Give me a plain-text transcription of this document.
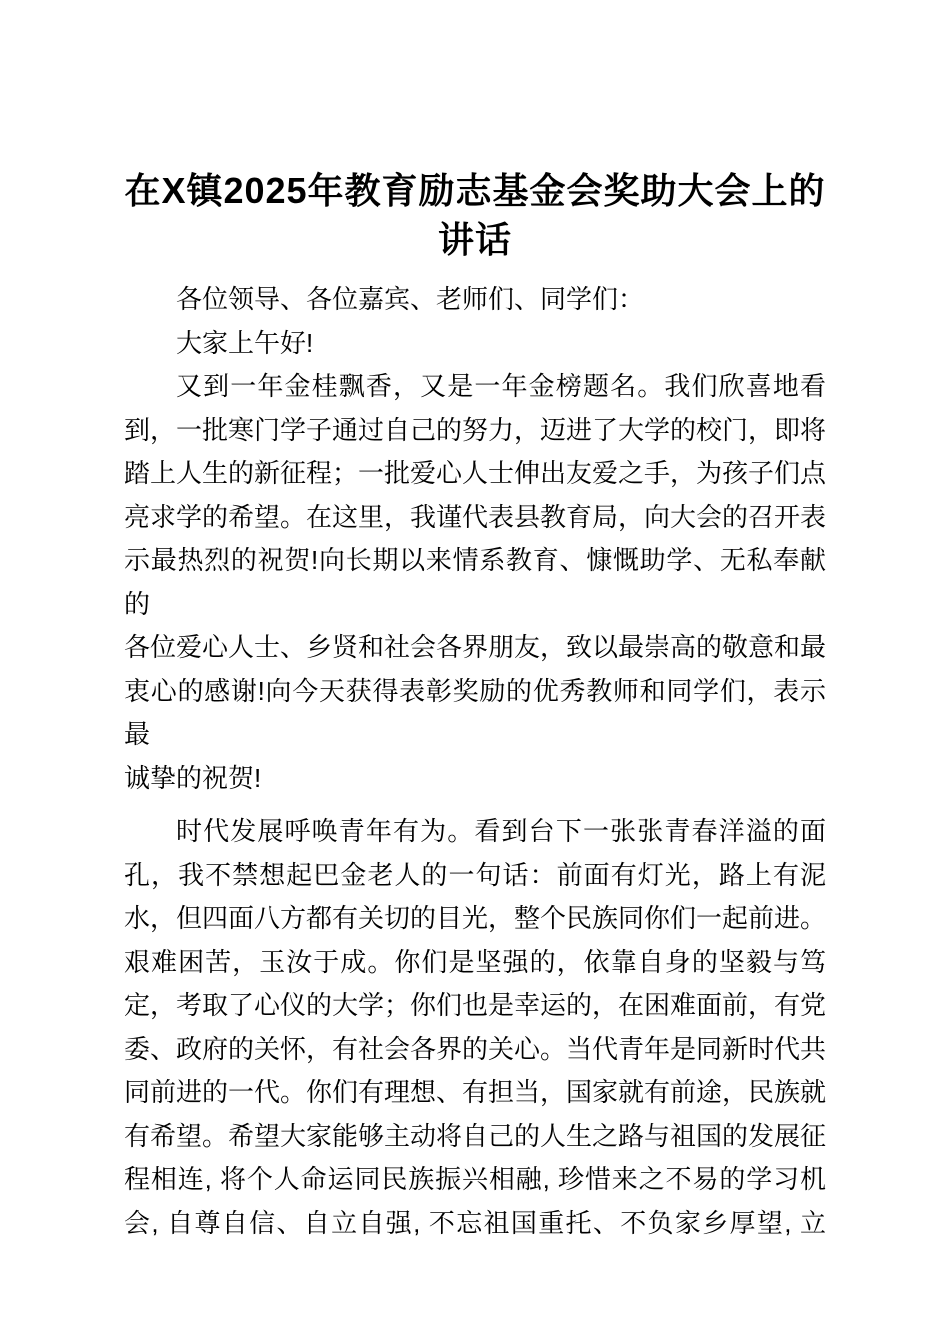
在X镇2025年教育励志基金会奖助大会上的
讲话
各位领导、各位嘉宾、老师们、同学们：
大家上午好!
又到一年金桂飘香，又是一年金榜题名。我们欣喜地看
到，一批寒门学子通过自己的努力，迈进了大学的校门，即将
踏上人生的新征程；一批爱心人士伸出友爱之手，为孩子们点
亮求学的希望。在这里，我谨代表县教育局，向大会的召开表
示最热烈的祝贺!向长期以来情系教育、慷慨助学、无私奉献的
各位爱心人士、乡贤和社会各界朋友，致以最崇高的敬意和最
衷心的感谢!向今天获得表彰奖励的优秀教师和同学们，表示最
诚挚的祝贺!
时代发展呼唤青年有为。看到台下一张张青春洋溢的面
孔，我不禁想起巴金老人的一句话：前面有灯光，路上有泥
水，但四面八方都有关切的目光，整个民族同你们一起前进。
艰难困苦，玉汝于成。你们是坚强的，依靠自身的坚毅与笃
定，考取了心仪的大学；你们也是幸运的，在困难面前，有党
委、政府的关怀，有社会各界的关心。当代青年是同新时代共
同前进的一代。你们有理想、有担当，国家就有前途，民族就
有希望。希望大家能够主动将自己的人生之路与祖国的发展征
程相连, 将个人命运同民族振兴相融, 珍惜来之不易的学习机
会, 自尊自信、自立自强, 不忘祖国重托、不负家乡厚望, 立
